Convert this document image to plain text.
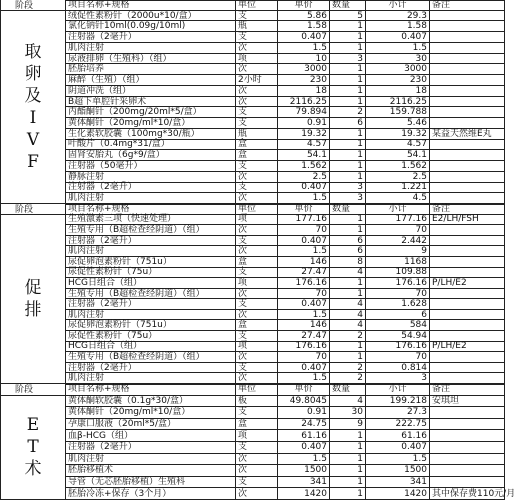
阶段
取
卵
及
I
V
F
项目名称+规格	单位	单价	数量	小计	备注
绒促性素粉针（2000u*10/盒）	支	5.86	5	29.3
氯化钠针10ml(0.09g/10ml)	瓶	1.58	1	1.58
注射器（2毫升）	支	0.407	1	0.407
肌肉注射	次	1.5	1	1.5
尿液排卵（生殖科）（组）	项	10	3	30
胚胎培养	次	3000	1	3000
麻醉（生殖）（组）	2小时	230	1	230
阴道冲洗（组）	次	18	1	18
B超下单腔针采卵术	次	2116.25	1	2116.25
丙酯酮针（200mg/20ml*5/盒）	支	79.894	2	159.788
黄体酮针（20mg/ml*10/盒）	支	0.91	6	5.46
生化素软胶囊（100mg*30/瓶）	瓶	19.32	1	19.32 某益天然维E丸
叶酸片（0.4mg*31/盒）	盒	4.57	1	4.57
固肾安胎丸（6g*9/盒）	盒	54.1	1	54.1
注射器（50毫升）	支	1.562	1	1.562
静脉注射	次	2.5	1	2.5
注射器（2毫升）	支	0.407	3	1.221
肌肉注射	次	1.5	3	4.5
阶段
促
排
项目名称+规格	单位	单价	数量	小计	备注
生殖激素三项（快速处理）	项	177.16	1	177.16 E2/LH/FSH
生殖专用（B超检查经阴道）（组）	次	70	1	70
注射器（2毫升）	支	0.407	6	2.442
肌肉注射	次	1.5	6	9
尿促卵泡素粉针（751u）	盒	146	8	1168
尿促性素粉针（75u）	支	27.47	4	109.88
HCG日组合（组）	项	176.16	1	176.16 P/LH/E2
生殖专用（B超检查经阴道）（组）	次	70	1	70
注射器（2毫升）	支	0.407	4	1.628
肌肉注射	次	1.5	4	6
尿促卵泡素粉针（751u）	盒	146	4	584
尿促性素粉针（75u）	支	27.47	2	54.94
HCG日组合（组）	项	176.16	1	176.16 P/LH/E2
生殖专用（B超检查经阴道）（组）	次	70	1	70
注射器（2毫升）	支	0.407	2	0.814
肌肉注射	次	1.5	2	3
阶段
E
T
术
项目名称+规格	单位	单价	数量	小计	备注
黄体酮软胶囊（0.1g*30/盒）	板	49.8045	4	199.218 安琪坦
黄体酮针（20mg/ml*10/盒）	支	0.91	30	27.3
孕康口服液（20ml*5/盒）	盒	24.75	9	222.75
血β-HCG（组）	项	61.16	1	61.16
注射器（2毫升）	支	0.407	1	0.407
肌肉注射	次	1.5	1	1.5
胚胎移植术	次	1500	1	1500
导管（无芯胚胎移植）生殖科	支	341	1	341
胚胎冷冻+保存（3个月）	次	1420	1	1420 其中保存费110元/月
